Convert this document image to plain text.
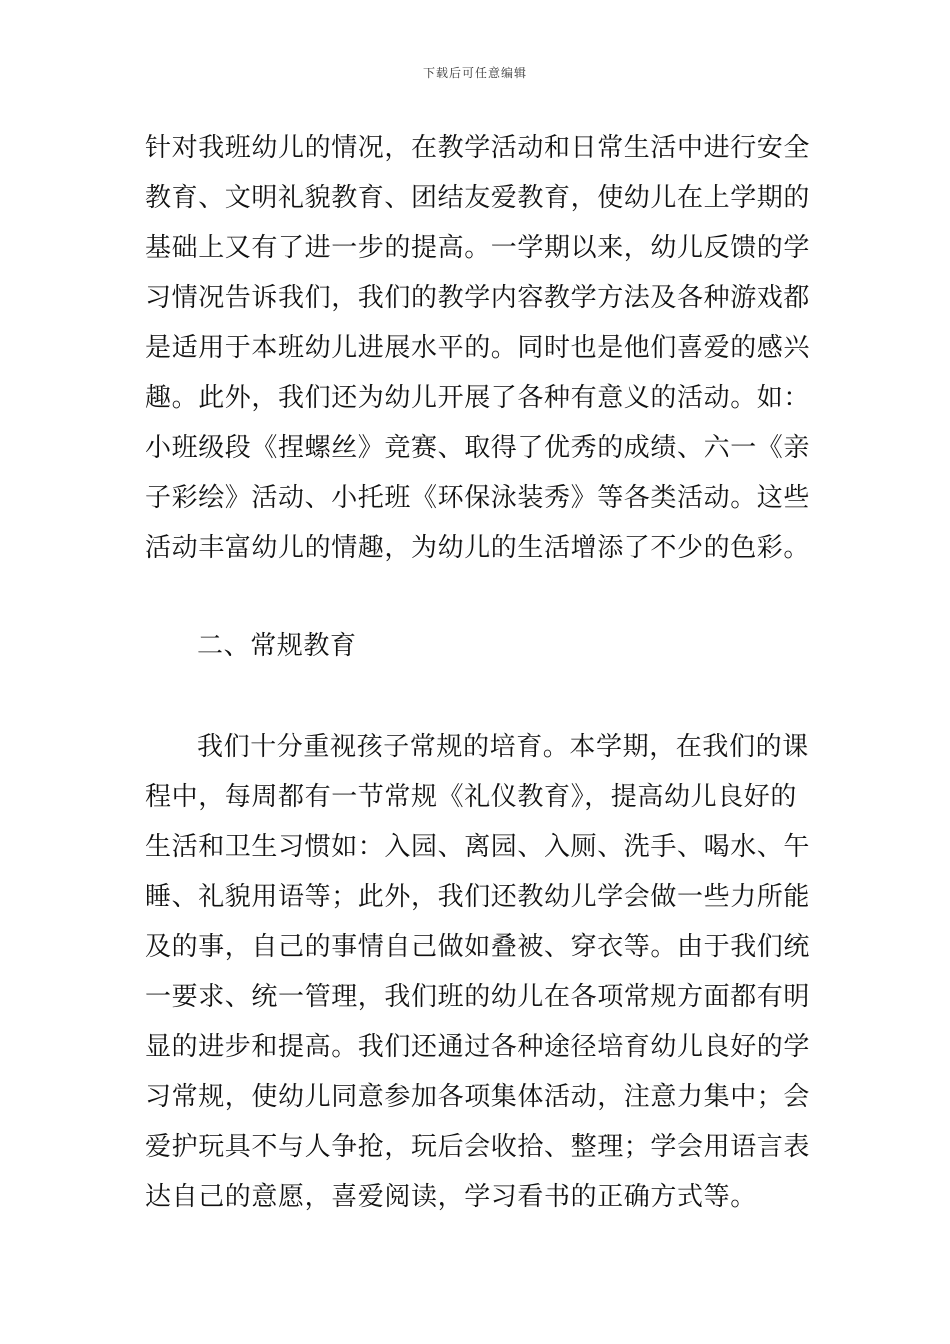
下载后可任意编辑
针对我班幼儿的情况，在教学活动和日常生活中进行安全
教育、文明礼貌教育、团结友爱教育，使幼儿在上学期的
基础上又有了进一步的提高。一学期以来，幼儿反馈的学
习情况告诉我们，我们的教学内容教学方法及各种游戏都
是适用于本班幼儿进展水平的。同时也是他们喜爱的感兴
趣。此外，我们还为幼儿开展了各种有意义的活动。如：
小班级段《捏螺丝》竞赛、取得了优秀的成绩、六一《亲
子彩绘》活动、小托班《环保泳装秀》等各类活动。这些
活动丰富幼儿的情趣，为幼儿的生活增添了不少的色彩。
二、常规教育
我们十分重视孩子常规的培育。本学期，在我们的课
程中，每周都有一节常规《礼仪教育》，提高幼儿良好的
生活和卫生习惯如：入园、离园、入厕、洗手、喝水、午
睡、礼貌用语等；此外，我们还教幼儿学会做一些力所能
及的事，自己的事情自己做如叠被、穿衣等。由于我们统
一要求、统一管理，我们班的幼儿在各项常规方面都有明
显的进步和提高。我们还通过各种途径培育幼儿良好的学
习常规，使幼儿同意参加各项集体活动，注意力集中；会
爱护玩具不与人争抢，玩后会收拾、整理；学会用语言表
达自己的意愿，喜爱阅读，学习看书的正确方式等。
